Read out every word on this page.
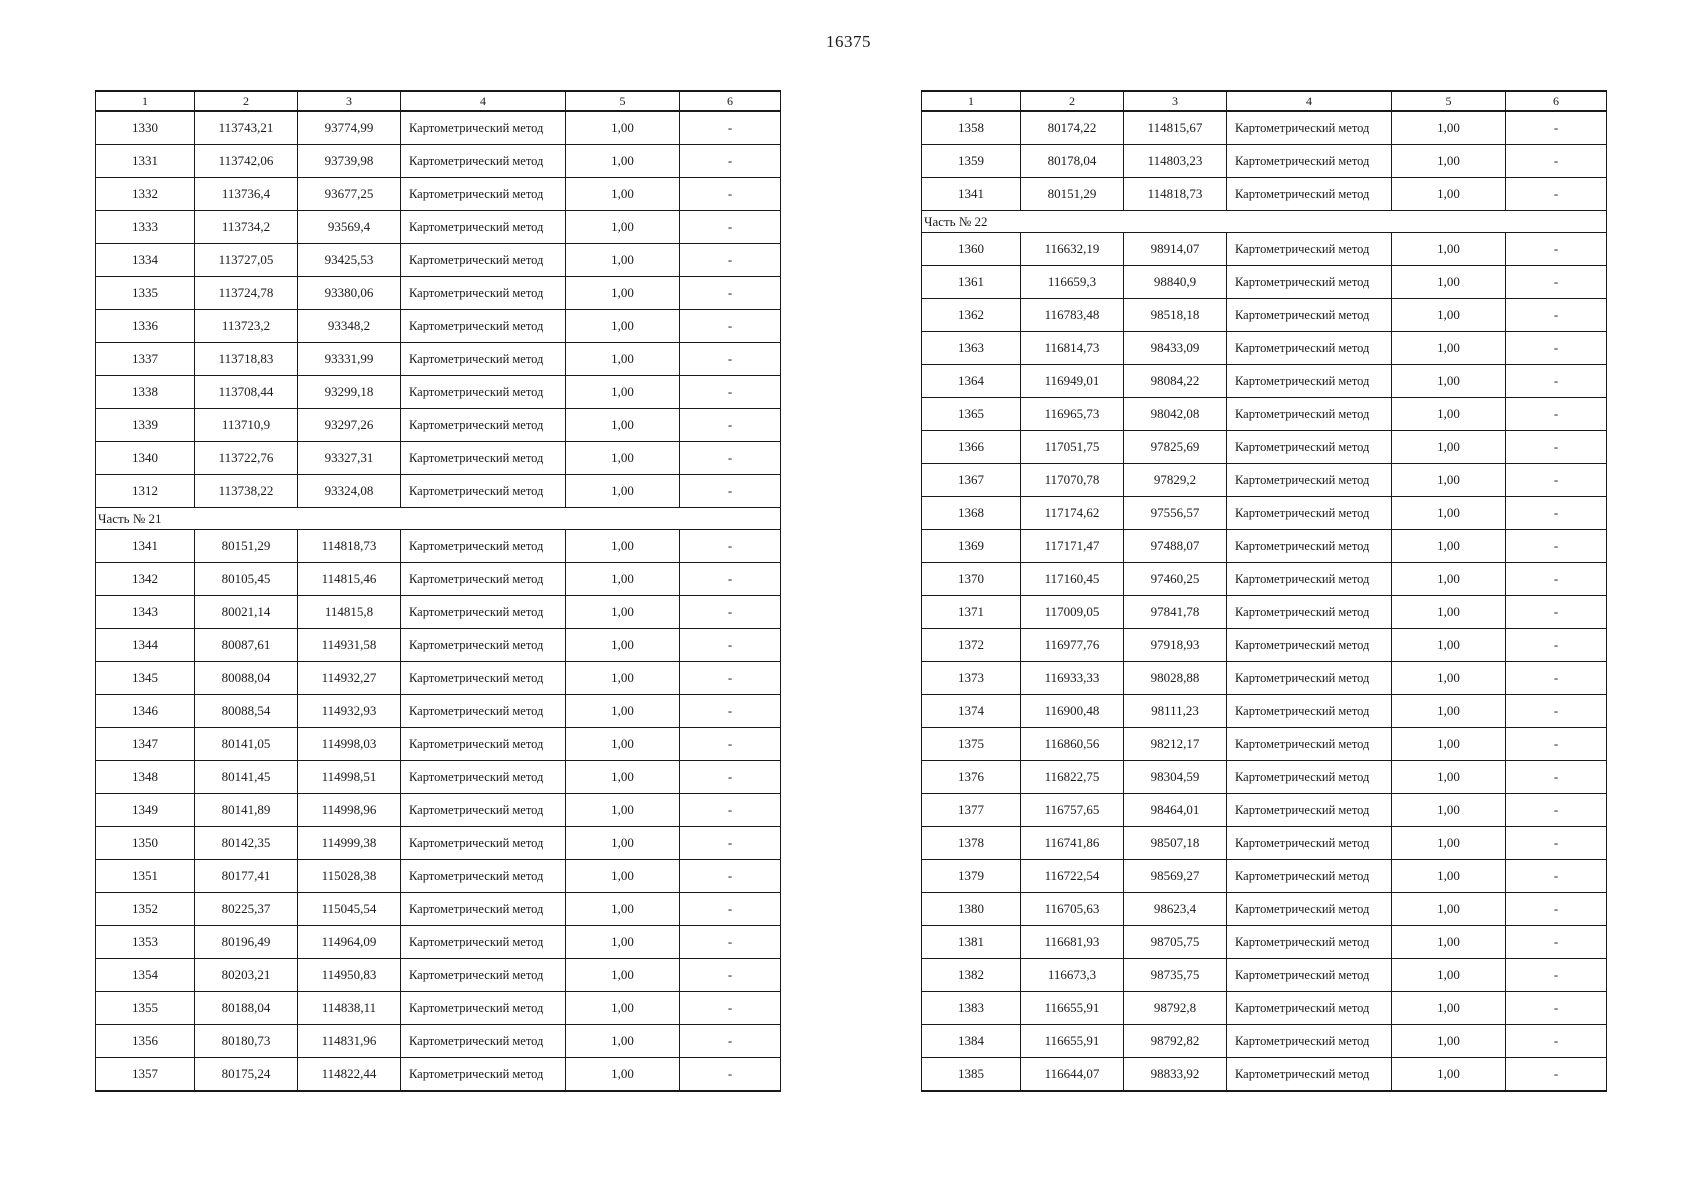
16375
1	2	3	4	5	6
1330	113743,21	93774,99	Картометрический метод	1,00	-
1331	113742,06	93739,98	Картометрический метод	1,00	-
1332	113736,4	93677,25	Картометрический метод	1,00	-
1333	113734,2	93569,4	Картометрический метод	1,00	-
1334	113727,05	93425,53	Картометрический метод	1,00	-
1335	113724,78	93380,06	Картометрический метод	1,00	-
1336	113723,2	93348,2	Картометрический метод	1,00	-
1337	113718,83	93331,99	Картометрический метод	1,00	-
1338	113708,44	93299,18	Картометрический метод	1,00	-
1339	113710,9	93297,26	Картометрический метод	1,00	-
1340	113722,76	93327,31	Картометрический метод	1,00	-
1312	113738,22	93324,08	Картометрический метод	1,00	-
Часть № 21					
1341	80151,29	114818,73	Картометрический метод	1,00	-
1342	80105,45	114815,46	Картометрический метод	1,00	-
1343	80021,14	114815,8	Картометрический метод	1,00	-
1344	80087,61	114931,58	Картометрический метод	1,00	-
1345	80088,04	114932,27	Картометрический метод	1,00	-
1346	80088,54	114932,93	Картометрический метод	1,00	-
1347	80141,05	114998,03	Картометрический метод	1,00	-
1348	80141,45	114998,51	Картометрический метод	1,00	-
1349	80141,89	114998,96	Картометрический метод	1,00	-
1350	80142,35	114999,38	Картометрический метод	1,00	-
1351	80177,41	115028,38	Картометрический метод	1,00	-
1352	80225,37	115045,54	Картометрический метод	1,00	-
1353	80196,49	114964,09	Картометрический метод	1,00	-
1354	80203,21	114950,83	Картометрический метод	1,00	-
1355	80188,04	114838,11	Картометрический метод	1,00	-
1356	80180,73	114831,96	Картометрический метод	1,00	-
1357	80175,24	114822,44	Картометрический метод	1,00	-
1	2	3	4	5	6
1358	80174,22	114815,67	Картометрический метод	1,00	-
1359	80178,04	114803,23	Картометрический метод	1,00	-
1341	80151,29	114818,73	Картометрический метод	1,00	-
Часть № 22					
1360	116632,19	98914,07	Картометрический метод	1,00	-
1361	116659,3	98840,9	Картометрический метод	1,00	-
1362	116783,48	98518,18	Картометрический метод	1,00	-
1363	116814,73	98433,09	Картометрический метод	1,00	-
1364	116949,01	98084,22	Картометрический метод	1,00	-
1365	116965,73	98042,08	Картометрический метод	1,00	-
1366	117051,75	97825,69	Картометрический метод	1,00	-
1367	117070,78	97829,2	Картометрический метод	1,00	-
1368	117174,62	97556,57	Картометрический метод	1,00	-
1369	117171,47	97488,07	Картометрический метод	1,00	-
1370	117160,45	97460,25	Картометрический метод	1,00	-
1371	117009,05	97841,78	Картометрический метод	1,00	-
1372	116977,76	97918,93	Картометрический метод	1,00	-
1373	116933,33	98028,88	Картометрический метод	1,00	-
1374	116900,48	98111,23	Картометрический метод	1,00	-
1375	116860,56	98212,17	Картометрический метод	1,00	-
1376	116822,75	98304,59	Картометрический метод	1,00	-
1377	116757,65	98464,01	Картометрический метод	1,00	-
1378	116741,86	98507,18	Картометрический метод	1,00	-
1379	116722,54	98569,27	Картометрический метод	1,00	-
1380	116705,63	98623,4	Картометрический метод	1,00	-
1381	116681,93	98705,75	Картометрический метод	1,00	-
1382	116673,3	98735,75	Картометрический метод	1,00	-
1383	116655,91	98792,8	Картометрический метод	1,00	-
1384	116655,91	98792,82	Картометрический метод	1,00	-
1385	116644,07	98833,92	Картометрический метод	1,00	-
